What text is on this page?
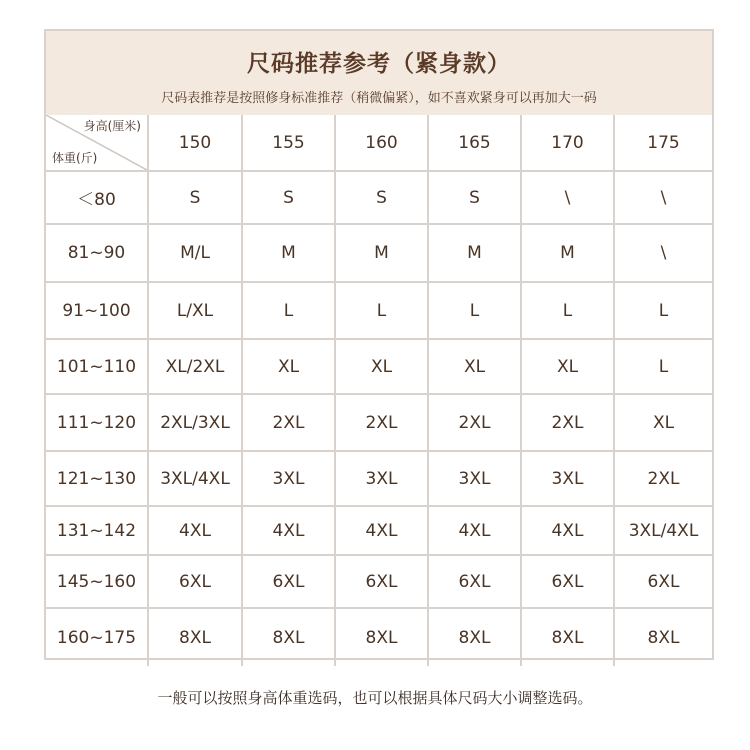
尺码推荐参考（紧身款）
尺码表推荐是按照修身标准推荐（稍微偏紧），如不喜欢紧身可以再加大一码
身高(厘米)
体重(斤)	150	155	160	165	170	175
＜80	S	S	S	S	\	\
81~90	M/L	M	M	M	M	\
91~100	L/XL	L	L	L	L	L
101~110	XL/2XL	XL	XL	XL	XL	L
111~120	2XL/3XL	2XL	2XL	2XL	2XL	XL
121~130	3XL/4XL	3XL	3XL	3XL	3XL	2XL
131~142	4XL	4XL	4XL	4XL	4XL	3XL/4XL
145~160	6XL	6XL	6XL	6XL	6XL	6XL
160~175	8XL	8XL	8XL	8XL	8XL	8XL
一般可以按照身高体重选码，也可以根据具体尺码大小调整选码。
